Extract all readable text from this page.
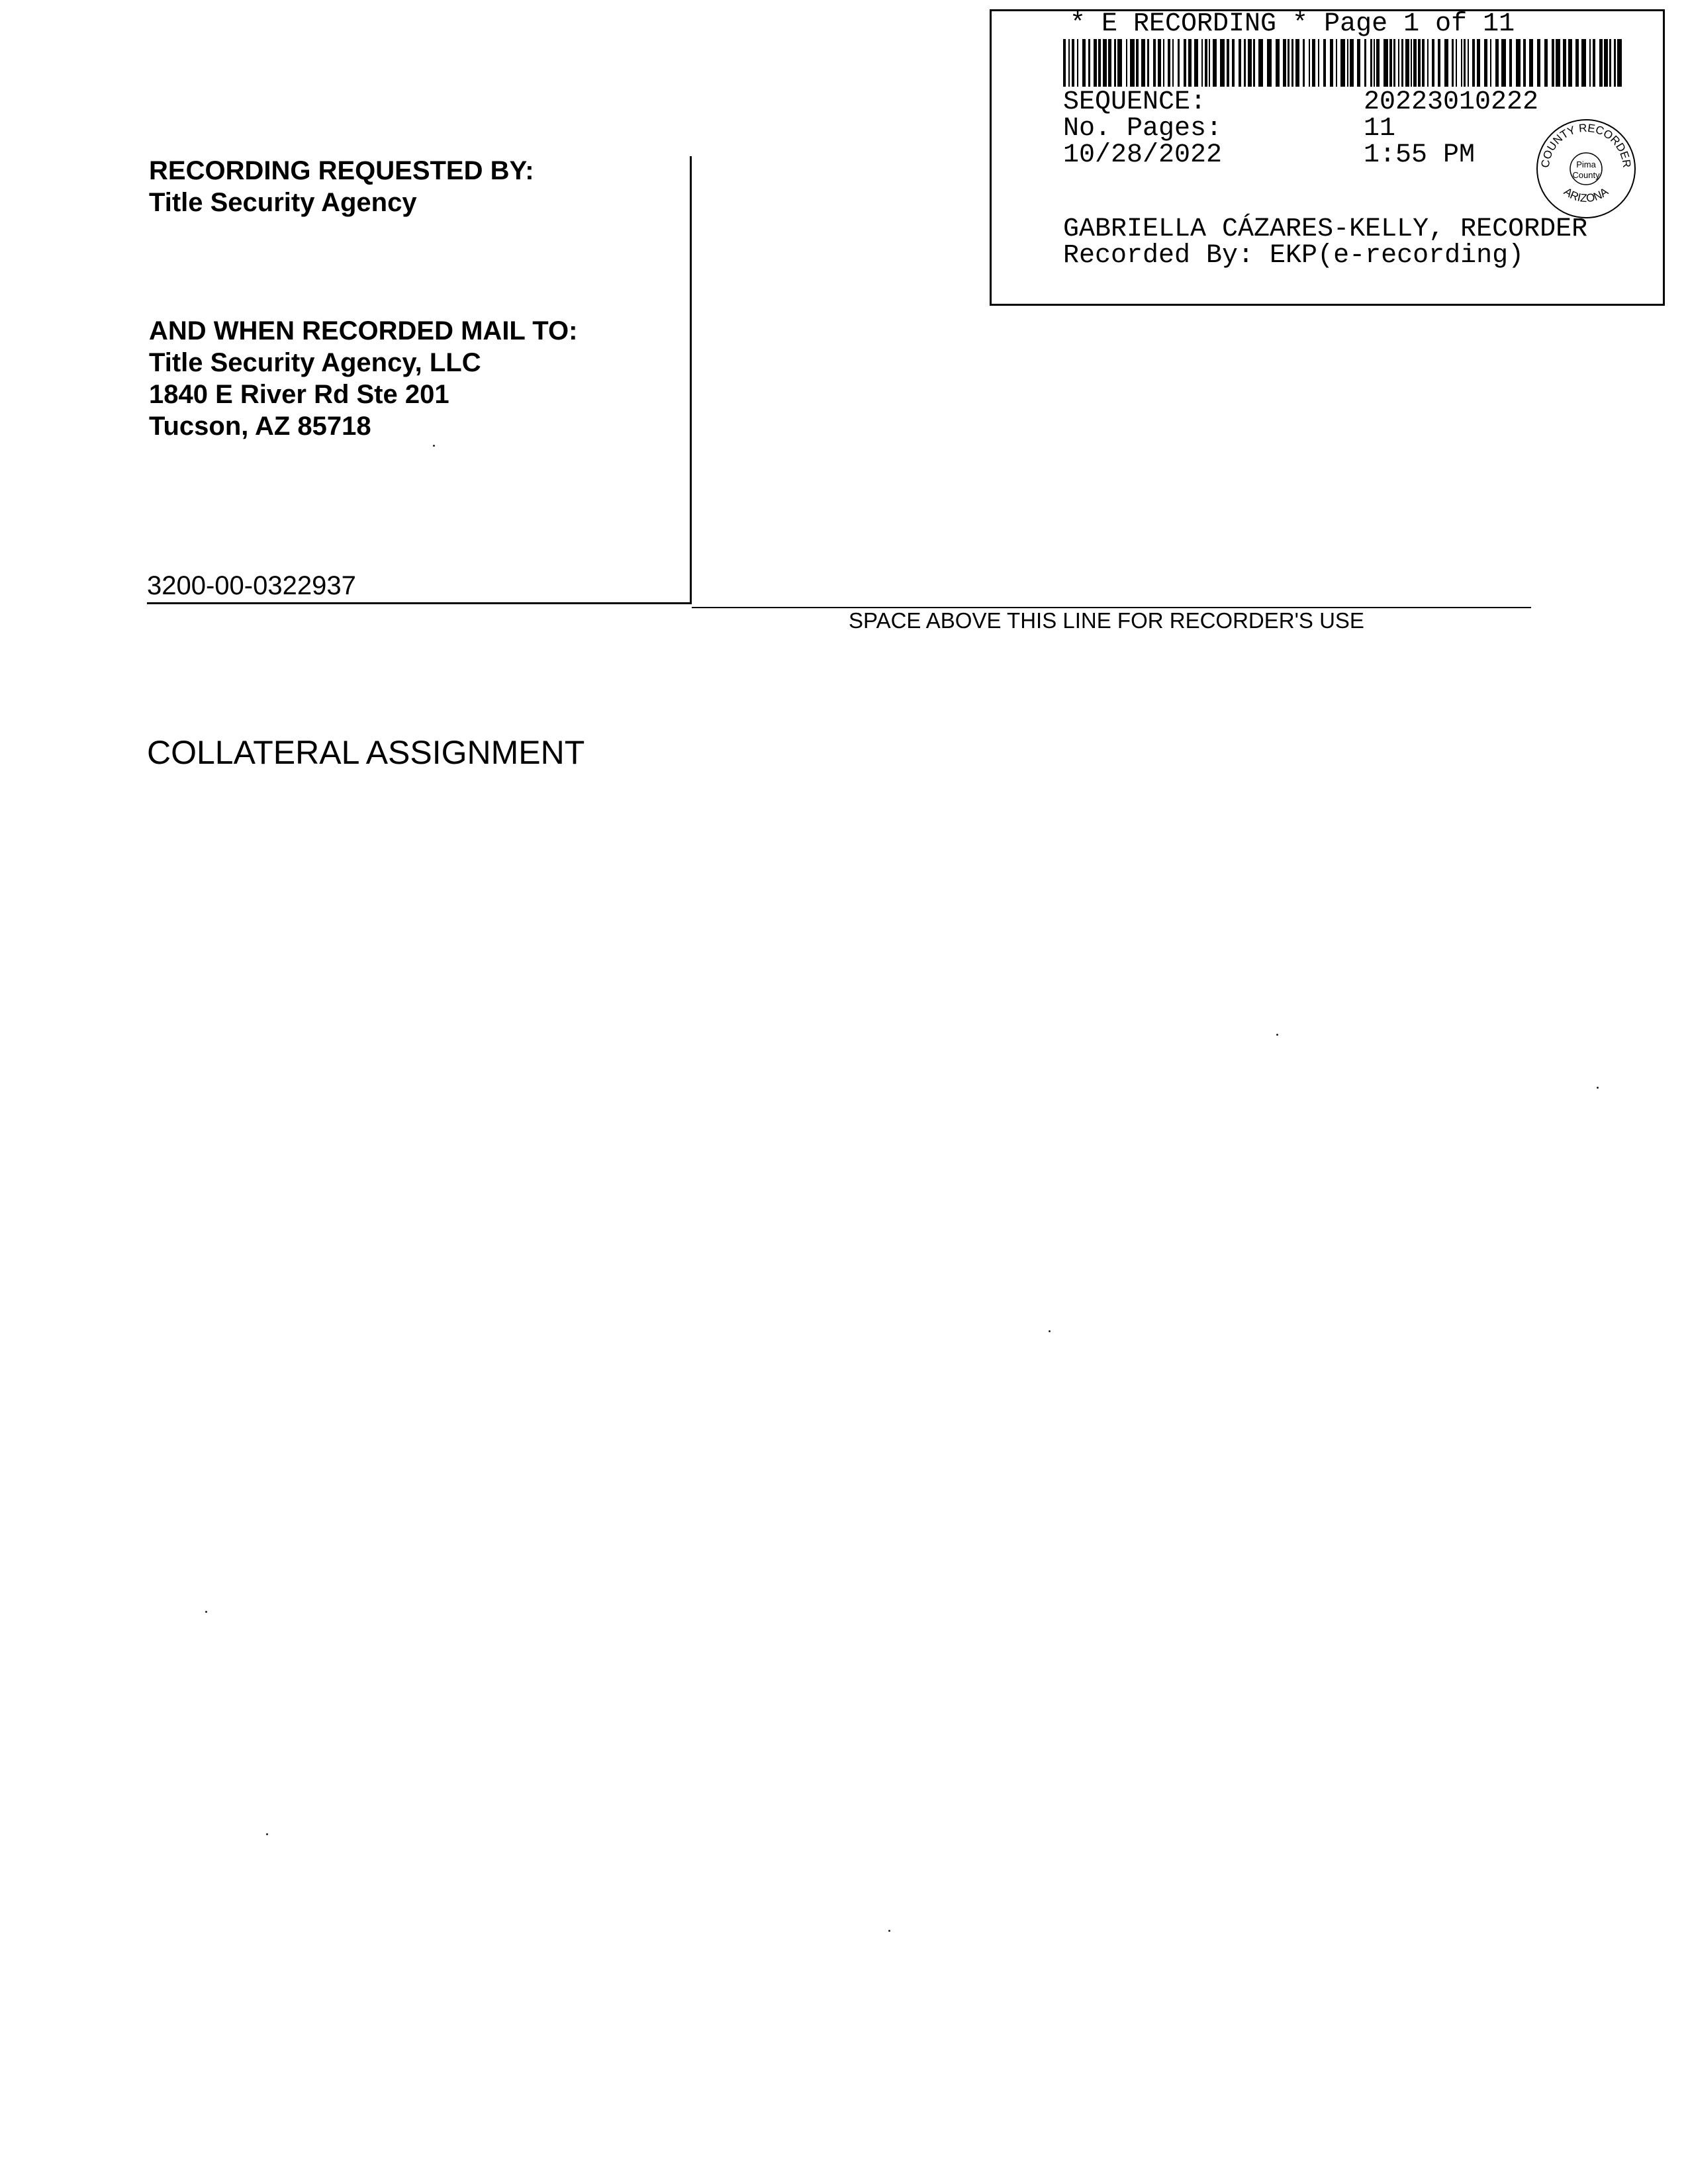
* E RECORDING * Page 1 of 11
SEQUENCE:	20223010222
No. Pages:	11
10/28/2022	1:55 PM	COUNTY RECORDER
ARIZONA
Pima
County
GABRIELLA CÁZARES-KELLY, RECORDER
Recorded By: EKP(e-recording)
RECORDING REQUESTED BY:
Title Security Agency
AND WHEN RECORDED MAIL TO:
Title Security Agency, LLC
1840 E River Rd Ste 201
Tucson, AZ 85718
3200-00-0322937
SPACE ABOVE THIS LINE FOR RECORDER'S USE
COLLATERAL ASSIGNMENT
